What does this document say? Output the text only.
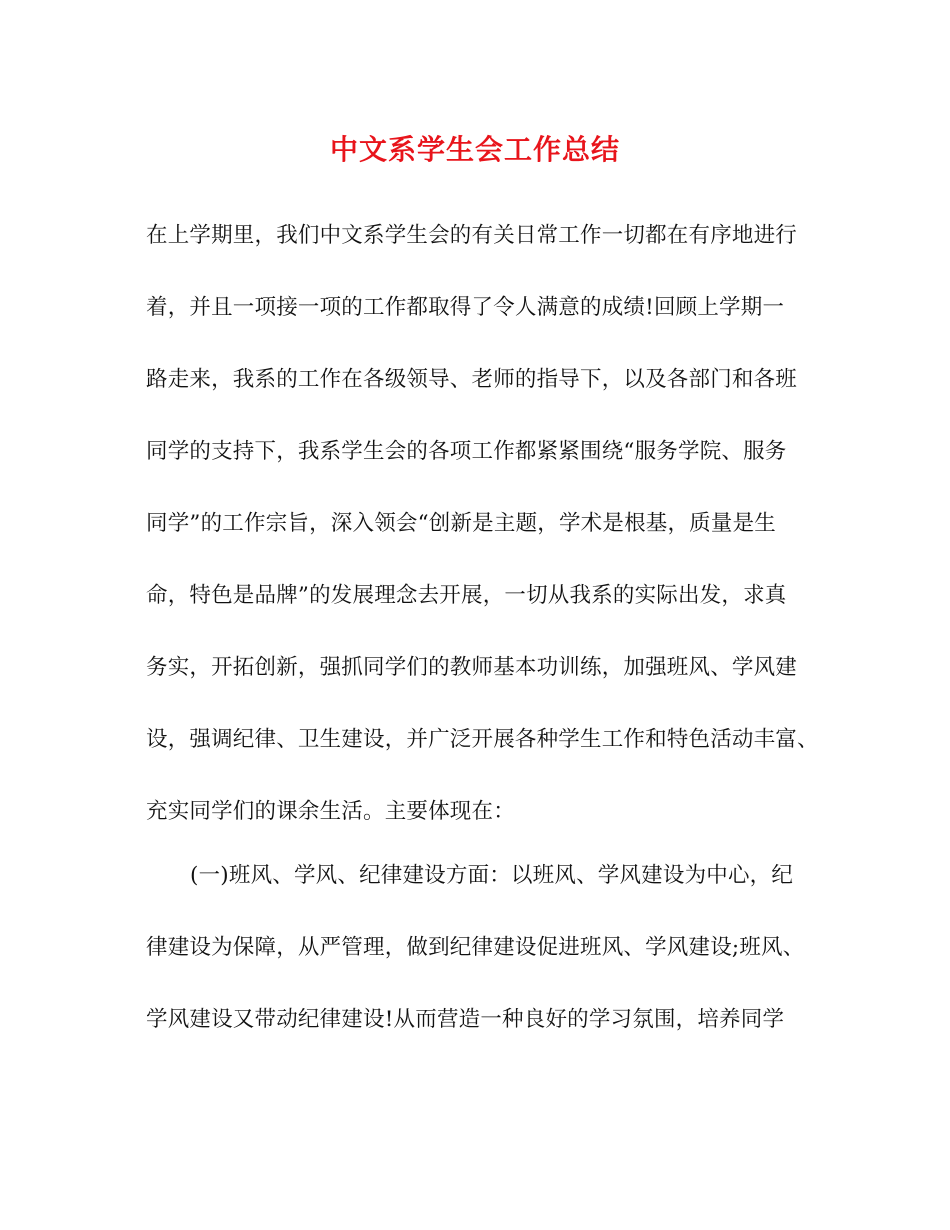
中文系学生会工作总结

在上学期里，我们中文系学生会的有关日常工作一切都在有序地进行

着，并且一项接一项的工作都取得了令人满意的成绩!回顾上学期一

路走来，我系的工作在各级领导、老师的指导下，以及各部门和各班

同学的支持下，我系学生会的各项工作都紧紧围绕“服务学院、服务

同学”的工作宗旨，深入领会“创新是主题，学术是根基，质量是生

命，特色是品牌”的发展理念去开展，一切从我系的实际出发，求真

务实，开拓创新，强抓同学们的教师基本功训练，加强班风、学风建

设，强调纪律、卫生建设，并广泛开展各种学生工作和特色活动丰富、

充实同学们的课余生活。主要体现在：

(一)班风、学风、纪律建设方面：以班风、学风建设为中心，纪

律建设为保障，从严管理，做到纪律建设促进班风、学风建设;班风、

学风建设又带动纪律建设!从而营造一种良好的学习氛围，培养同学
